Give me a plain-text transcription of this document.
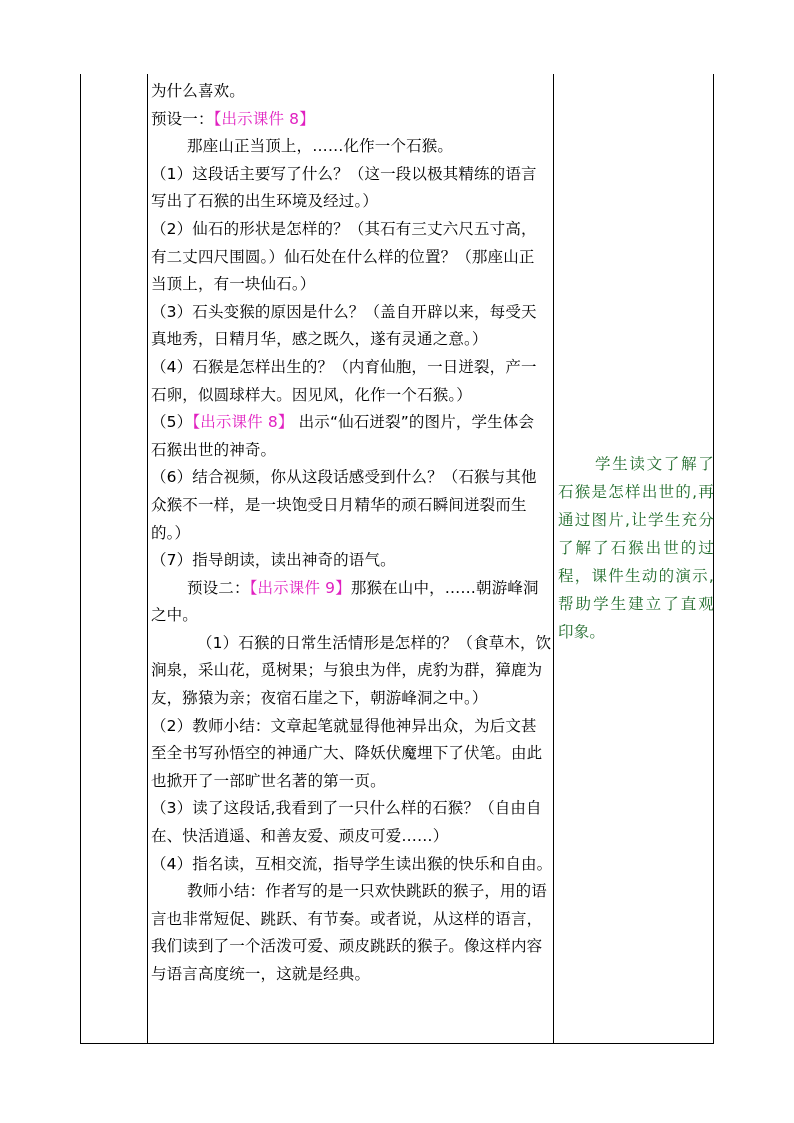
为什么喜欢。

预设一：【出示课件 8】

那座山正当顶上，……化作一个石猴。

（1）这段话主要写了什么？（这一段以极其精练的语言

写出了石猴的出生环境及经过。）

（2）仙石的形状是怎样的？（其石有三丈六尺五寸高，

有二丈四尺围圆。）仙石处在什么样的位置？（那座山正

当顶上，有一块仙石。）

（3）石头变猴的原因是什么？（盖自开辟以来，每受天

真地秀，日精月华，感之既久，遂有灵通之意。）

（4）石猴是怎样出生的？（内育仙胞，一日迸裂，产一

石卵，似圆球样大。因见风，化作一个石猴。）

（5）【出示课件 8】 出示“仙石迸裂”的图片，学生体会

石猴出世的神奇。

（6）结合视频，你从这段话感受到什么？（石猴与其他

众猴不一样，是一块饱受日月精华的顽石瞬间迸裂而生

的。）

（7）指导朗读，读出神奇的语气。

预设二：【出示课件 9】那猴在山中，……朝游峰洞

之中。

（1）石猴的日常生活情形是怎样的？（食草木，饮

涧泉，采山花，觅树果；与狼虫为伴，虎豹为群，獐鹿为

友，猕猿为亲；夜宿石崖之下，朝游峰洞之中。）

（2）教师小结：文章起笔就显得他神异出众，为后文甚

至全书写孙悟空的神通广大、降妖伏魔埋下了伏笔。由此

也掀开了一部旷世名著的第一页。

（3）读了这段话,我看到了一只什么样的石猴？（自由自

在、快活逍遥、和善友爱、顽皮可爱……）

（4）指名读，互相交流，指导学生读出猴的快乐和自由。

教师小结：作者写的是一只欢快跳跃的猴子，用的语

言也非常短促、跳跃、有节奏。或者说，从这样的语言，

我们读到了一个活泼可爱、顽皮跳跃的猴子。像这样内容

与语言高度统一，这就是经典。

学生读文了解了石猴是怎样出世的,再通过图片,让学生充分了解了石猴出世的过程，课件生动的演示,帮助学生建立了直观印象。
